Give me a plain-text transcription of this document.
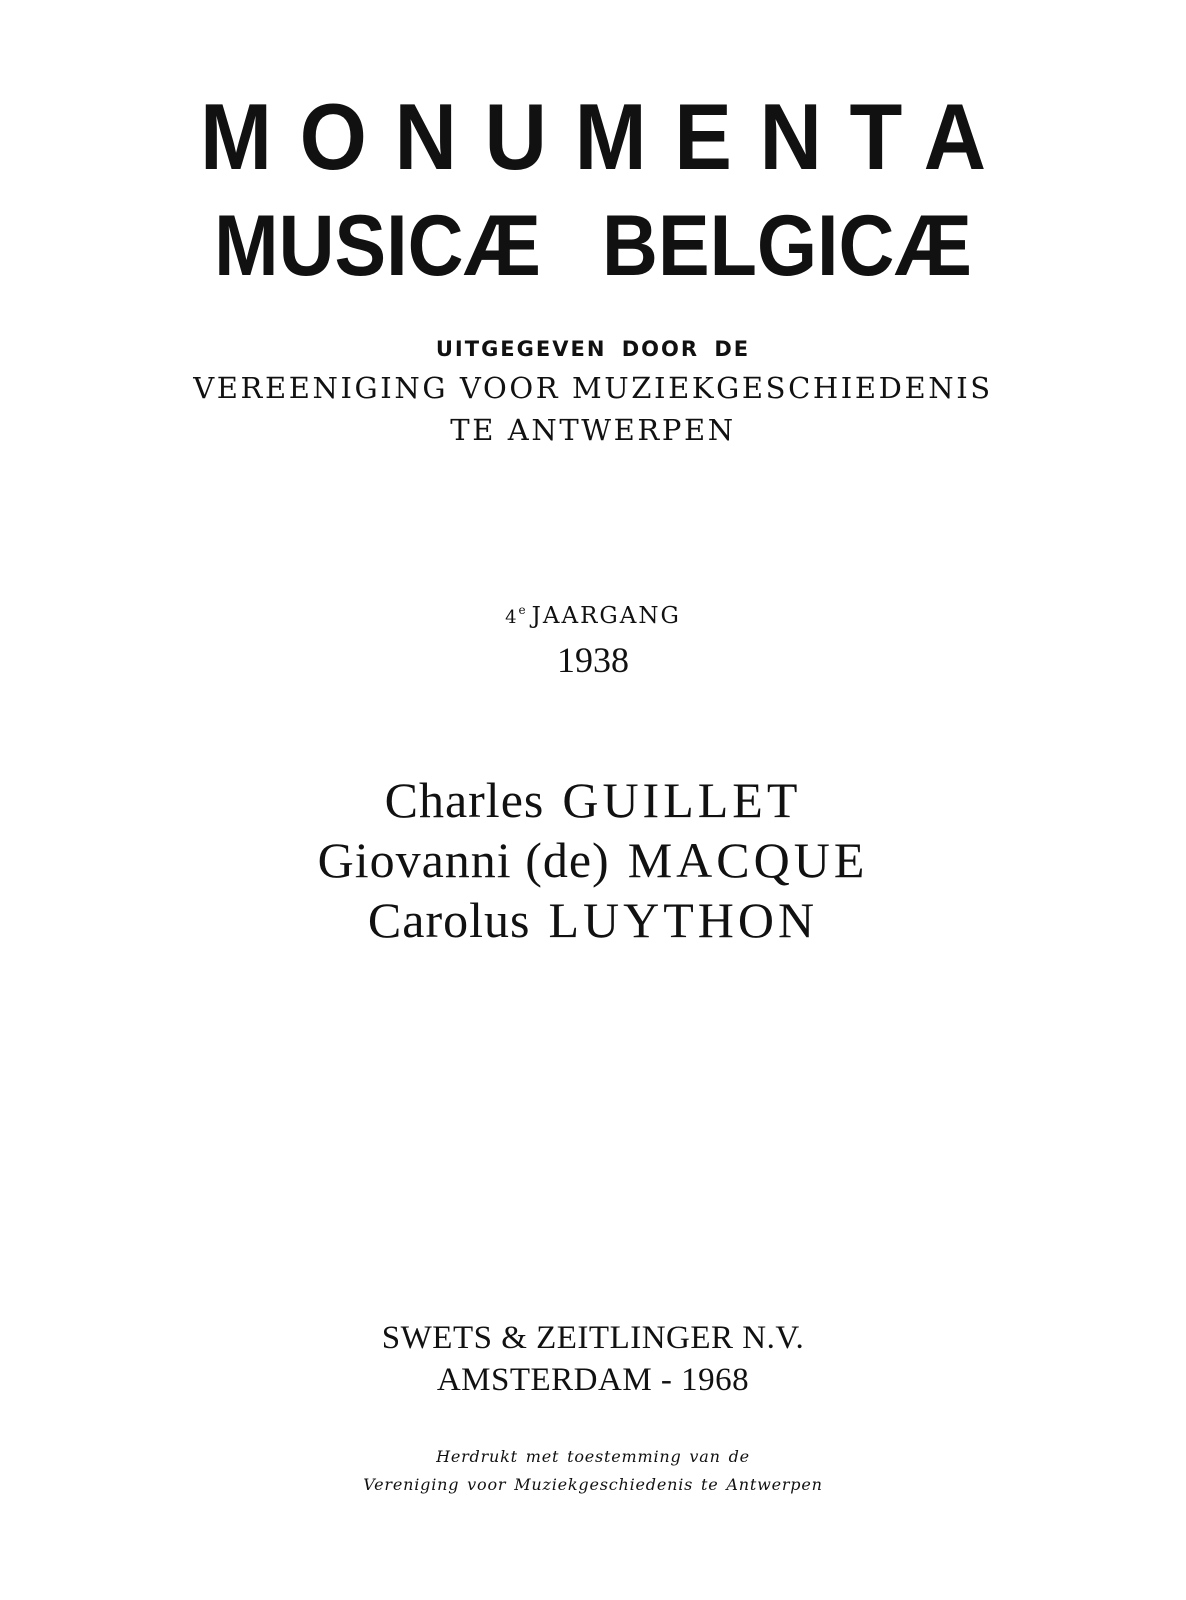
MONUMENTA
MUSICÆ BELGICÆ

UITGEGEVEN DOOR DE

VEREENIGING VOOR MUZIEKGESCHIEDENIS

TE ANTWERPEN

4e JAARGANG

1938

Charles GUILLET

Giovanni (de) MACQUE

Carolus LUYTHON

SWETS & ZEITLINGER N.V.

AMSTERDAM - 1968

Herdrukt met toestemming van de

Vereniging voor Muziekgeschiedenis te Antwerpen
